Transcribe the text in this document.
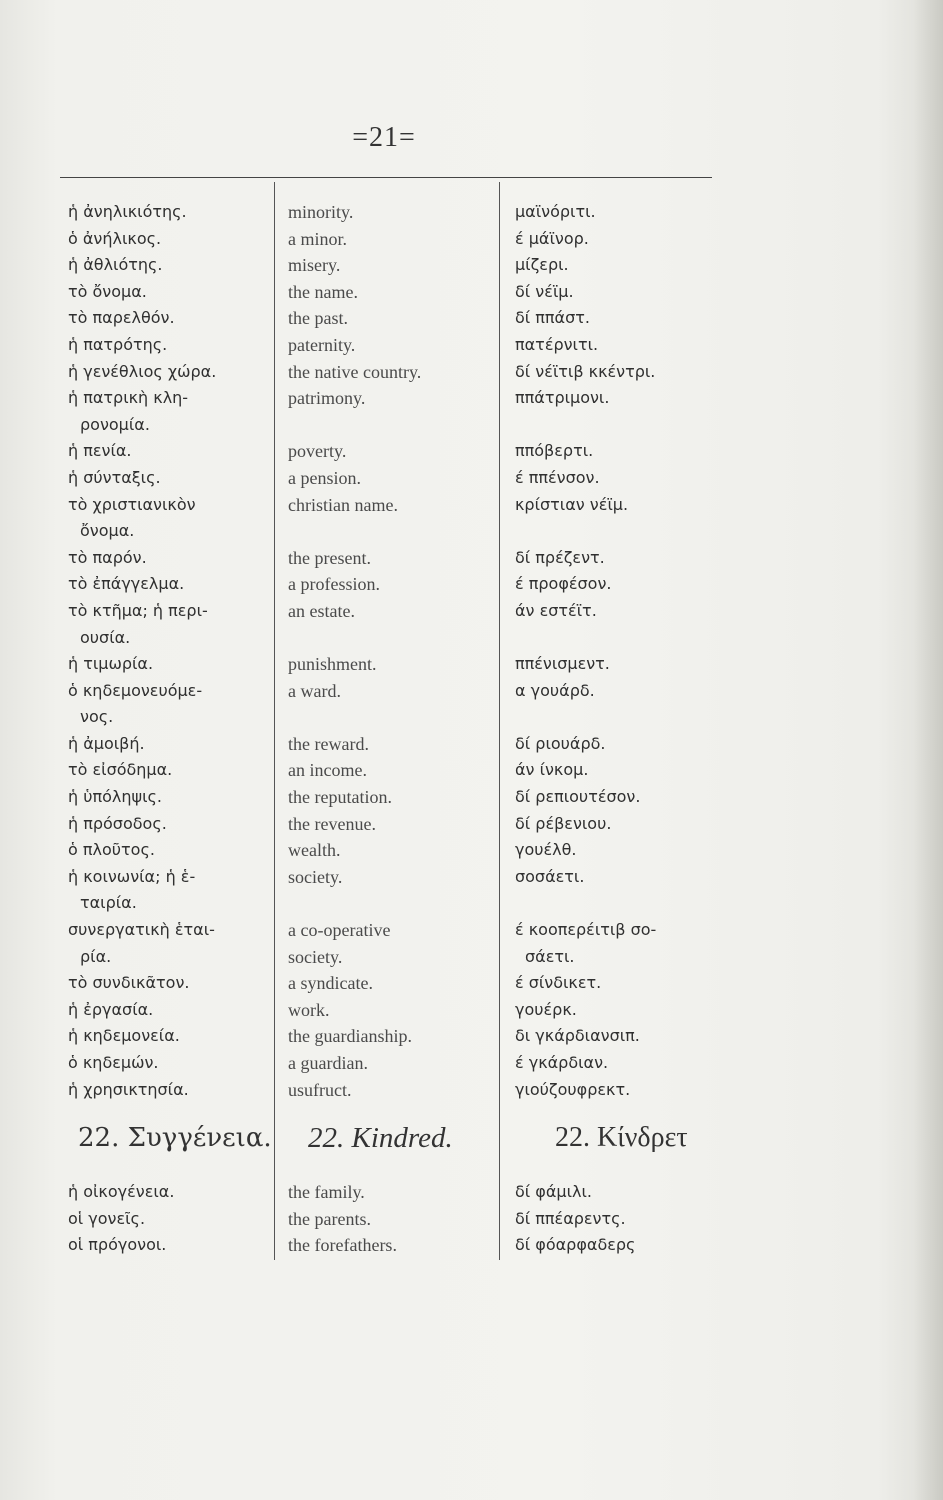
=21=
ἡ ἀνηλικιότης.
ὁ ἀνήλικος.
ἡ ἀθλιότης.
τὸ ὄνομα.
τὸ παρελθόν.
ἡ πατρότης.
ἡ γενέθλιος χώρα.
ἡ πατρικὴ κλη-
ρονομία.
ἡ πενία.
ἡ σύνταξις.
τὸ χριστιανικὸν
ὄνομα.
τὸ παρόν.
τὸ ἐπάγγελμα.
τὸ κτῆμα; ἡ περι-
ουσία.
ἡ τιμωρία.
ὁ κηδεμονευόμε-
νος.
ἡ ἀμοιβή.
τὸ εἰσόδημα.
ἡ ὑπόληψις.
ἡ πρόσοδος.
ὁ πλοῦτος.
ἡ κοινωνία; ἡ ἑ-
ταιρία.
συνεργατικὴ ἑται-
ρία.
τὸ συνδικᾶτον.
ἡ ἐργασία.
ἡ κηδεμονεία.
ὁ κηδεμών.
ἡ χρησικτησία.
22. Συγγένεια.
ἡ οἰκογένεια.
οἱ γονεῖς.
οἱ πρόγονοι.
minority.
a minor.
misery.
the name.
the past.
paternity.
the native country.
patrimony.
poverty.
a pension.
christian name.
the present.
a profession.
an estate.
punishment.
a ward.
the reward.
an income.
the reputation.
the revenue.
wealth.
society.
a co-operative
society.
a syndicate.
work.
the guardianship.
a guardian.
usufruct.
22. Kindred.
the family.
the parents.
the forefathers.
μαϊνόριτι.
έ μάϊνορ.
μίζερι.
δί νέϊμ.
δί ππάστ.
πατέρνιτι.
δί νέϊτιβ κκέντρι.
ππάτριμονι.
ππόβερτι.
έ ππένσον.
κρίστιαν νέϊμ.
δί πρέζεντ.
έ προφέσον.
άν εστέϊτ.
ππένισμεντ.
α γουάρδ.
δί ριουάρδ.
άν ίνκομ.
δί ρεπιουτέσον.
δί ρέβενιου.
γουέλθ.
σοσάετι.
έ κοοπερέιτιβ σο-
σάετι.
έ σίνδικετ.
γουέρκ.
δι γκάρδιανσιπ.
έ γκάρδιαν.
γιούζουφρεκτ.
22. Κίνδρετ
δί φάμιλι.
δί ππέαρεντς.
δί φόαρφαδερς
